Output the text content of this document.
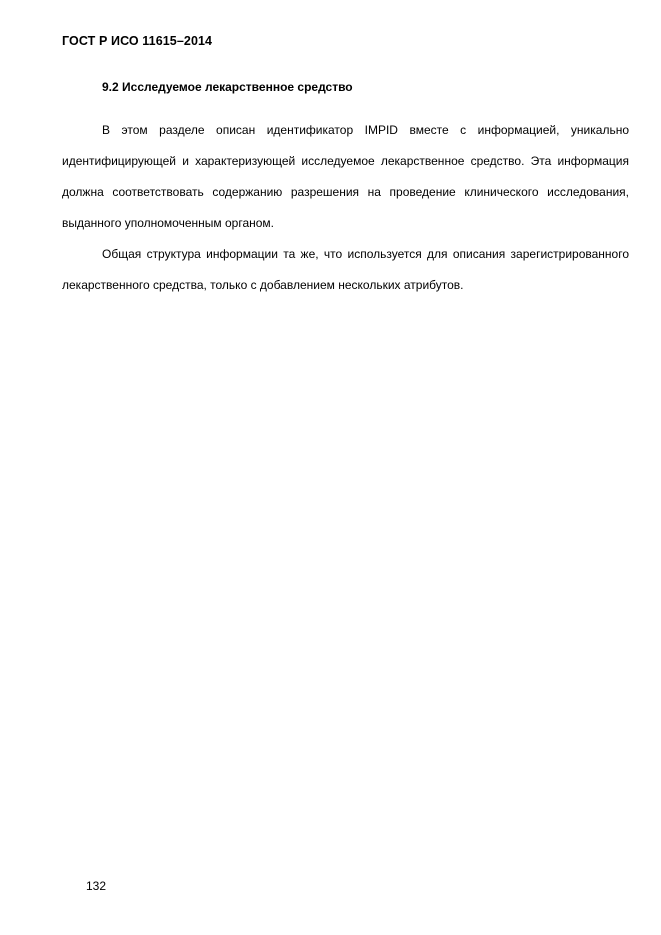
ГОСТ Р ИСО 11615–2014
9.2 Исследуемое лекарственное средство

В этом разделе описан идентификатор IMPID вместе с информацией, уникально идентифицирующей и характеризующей исследуемое лекарственное средство. Эта информация должна соответствовать содержанию разрешения на проведение клинического исследования, выданного уполномоченным органом.

Общая структура информации та же, что используется для описания зарегистрированного лекарственного средства, только с добавлением нескольких атрибутов.

132
